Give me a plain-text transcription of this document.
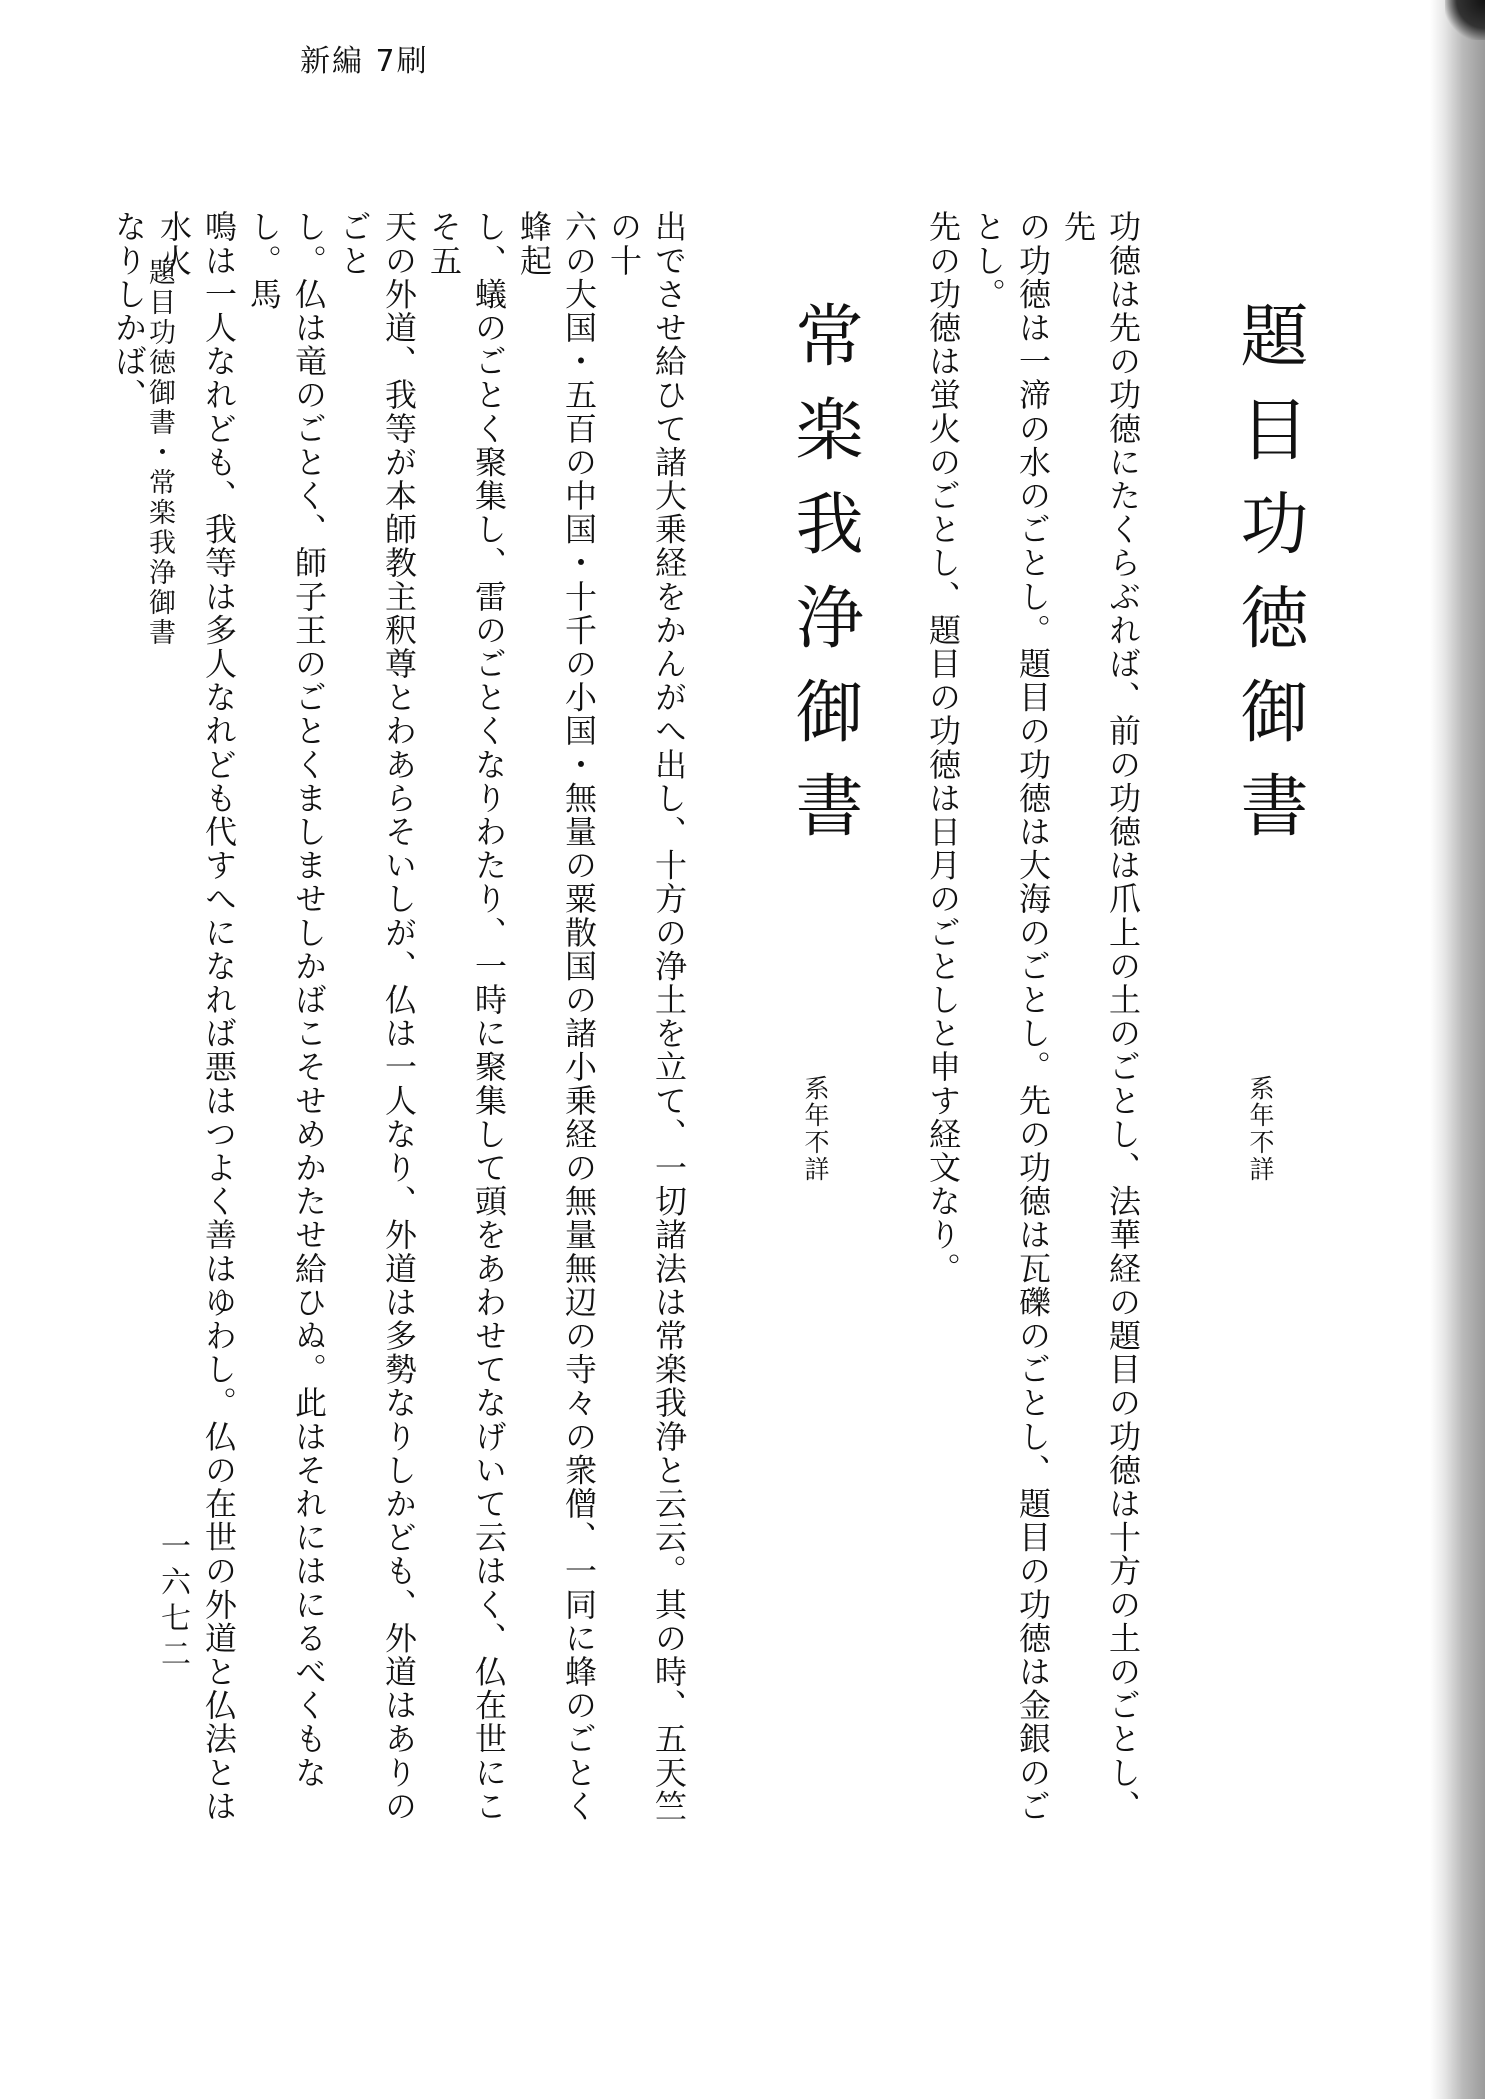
新編 7刷
題目功徳御書
系年不詳
功徳は先の功徳にたくらぶれば、前の功徳は爪上の土のごとし、法華経の題目の功徳は十方の土のごとし、先
の功徳は一渧の水のごとし。題目の功徳は大海のごとし。先の功徳は瓦礫のごとし、題目の功徳は金銀のごとし。
先の功徳は蛍火のごとし、題目の功徳は日月のごとしと申す経文なり。
常楽我浄御書
系年不詳
出でさせ給ひて諸大乗経をかんがへ出し、十方の浄土を立て、一切諸法は常楽我浄と云云。其の時、五天竺の十
六の大国・五百の中国・十千の小国・無量の粟散国の諸小乗経の無量無辺の寺々の衆僧、一同に蜂のごとく蜂起
し、蟻のごとく聚集し、雷のごとくなりわたり、一時に聚集して頭をあわせてなげいて云はく、仏在世にこそ五
天の外道、我等が本師教主釈尊とわあらそいしが、仏は一人なり、外道は多勢なりしかども、外道はありのごと
し。仏は竜のごとく、師子王のごとくましませしかばこそせめかたせ給ひぬ。此はそれにはにるべくもなし。馬
鳴は一人なれども、我等は多人なれども代すへになれば悪はつよく善はゆわし。仏の在世の外道と仏法とは水火
なりしかば、
題目功徳御書・常楽我浄御書
一六七二
